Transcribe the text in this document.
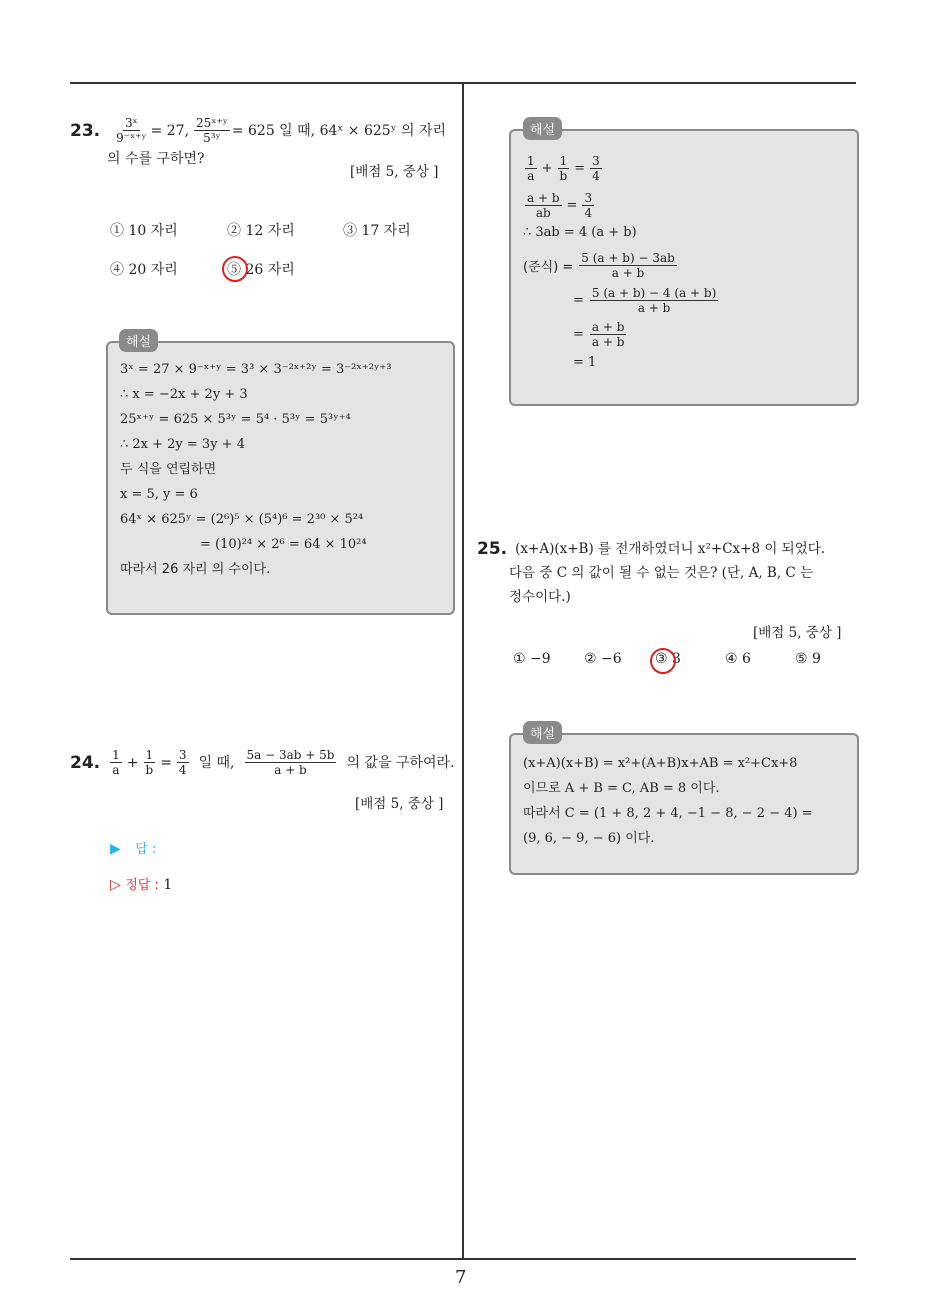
7
23. $\frac{\text{3ˣ}}{\text{9⁻ˣ⁺ʸ}} = 27$, $\frac{\text{25ˣ⁺ʸ}}{\text{5³ʸ}} = 625$ 일 때, 64ˣ × 625ʸ 의 자리
의 수를 구하면?
[배점 5, 중상 ]
① 10 자리	② 12 자리	③ 17 자리
④ 20 자리	⑤ 26 자리
3ˣ = 27 × 9⁻ˣ⁺ʸ = 3³ × 3⁻²ˣ⁺²ʸ = 3⁻²ˣ⁺²ʸ⁺³
∴ x = −2x + 2y + 3
25ˣ⁺ʸ = 625 × 5³ʸ = 5⁴ · 5³ʸ = 5³ʸ⁺⁴
∴ 2x + 2y = 3y + 4
두 식을 연립하면
x = 5, y = 6
64ˣ × 625ʸ = (2⁶)⁵ × (5⁴)⁶ = 2³⁰ × 5²⁴
= (10)²⁴ × 2⁶ = 64 × 10²⁴
따라서 26 자리 의 수이다.
해설
24. $\frac{1}{a} + \frac{1}{b} = \frac{3}{4}$ 일 때, $\frac{5a - 3ab + 5b}{a + b}$ 의 값을 구하여라.
[배점 5, 중상 ]
▶ 답 :
▷ 정답 : 1
$\frac{1}{a} + \frac{1}{b} = \frac{3}{4}$
$\frac{a + b}{ab} = \frac{3}{4}$
∴ 3ab = 4 (a + b)
(준식) = $\frac{5 (a + b) - 3ab}{a + b}$
= $\frac{5 (a + b) - 4 (a + b)}{a + b}$
= $\frac{a + b}{a + b}$
= 1
해설
25. (x+A)(x+B) 를 전개하였더니 x²+Cx+8 이 되었다.
다음 중 C 의 값이 될 수 없는 것은? (단, A, B, C 는
정수이다.)
[배점 5, 중상 ]
① −9 ② −6 ③ 3	④ 6	⑤ 9
(x+A)(x+B) = x²+(A+B)x+AB = x²+Cx+8
이므로 A + B = C, AB = 8 이다.
따라서 C = (1 + 8, 2 + 4, −1 − 8, − 2 − 4) =
(9, 6, − 9, − 6) 이다.
해설
